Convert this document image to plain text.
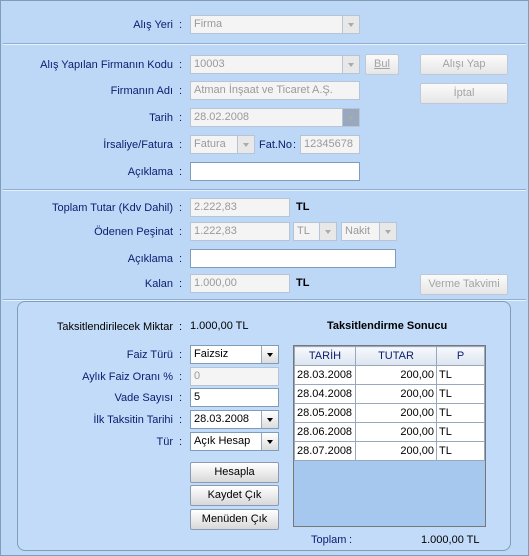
Alış Yeri :	Firma
Alış Yapılan Firmanın Kodu :	10003	Bul	Alışı Yap
Firmanın Adı :	Atman İnşaat ve Ticaret A.Ş.	İptal
Tarih :	28.02.2008
İrsaliye/Fatura :	Fatura	Fat.No : 12345678
Açıklama :
Toplam Tutar (Kdv Dahil) :	2.222,83	TL
Ödenen Peşinat :	1.222,83	TL	Nakit
Açıklama :
Kalan :	1.000,00	TL	Verme Takvimi
Taksitlendirilecek Miktar : 1.000,00 TL	Taksitlendirme Sonucu
Faiz Türü :	Faizsiz
Aylık Faiz Oranı % :	0
Vade Sayısı :	5
İlk Taksitin Tarihi :	28.03.2008
Tür :	Açık Hesap
Hesapla
Kaydet Çık
Menüden Çık
TARİH	TUTAR	P
28.03.2008	200,00	TL
28.04.2008	200,00	TL
28.05.2008	200,00	TL
28.06.2008	200,00	TL
28.07.2008	200,00	TL
Toplam :	1.000,00 TL
